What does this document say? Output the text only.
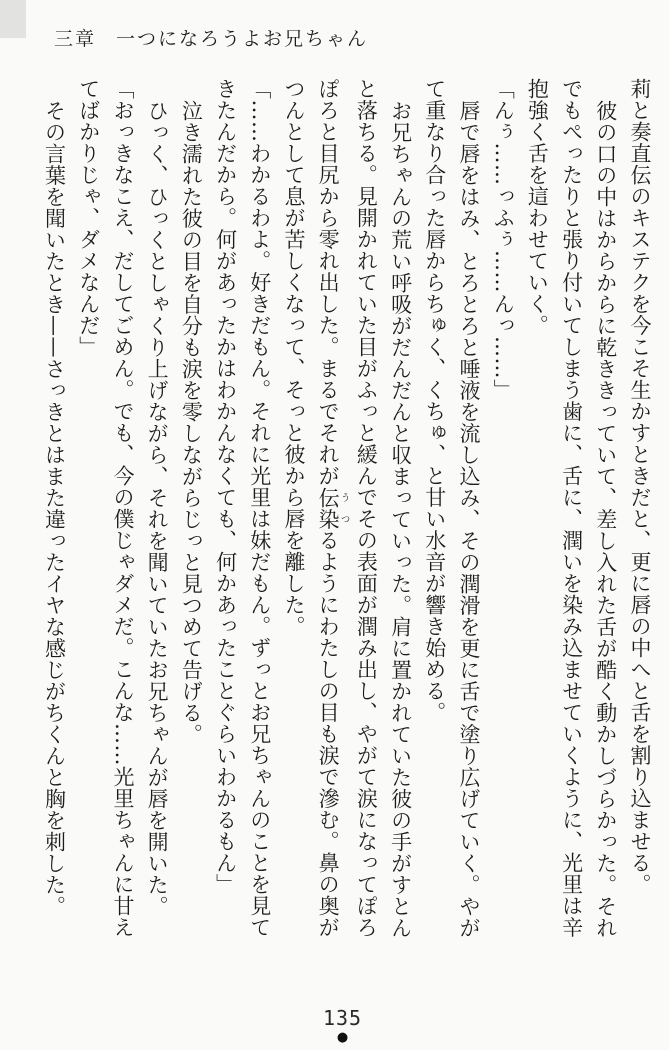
三章 一つになろうよお兄ちゃん
莉と奏直伝のキステクを今こそ生かすときだと、更に唇の中へと舌を割り込ませる。
彼の口の中はからからに乾ききっていて、差し入れた舌が酷く動かしづらかった。それ
でもぺったりと張り付いてしまう歯に、舌に、潤いを染み込ませていくように、光里は辛
抱強く舌を這わせていく。
「んぅ……っふぅ……んっ……」
唇で唇をはみ、とろとろと唾液を流し込み、その潤滑を更に舌で塗り広げていく。やが
て重なり合った唇からちゅく、くちゅ、と甘い水音が響き始める。
お兄ちゃんの荒い呼吸がだんだんと収まっていった。肩に置かれていた彼の手がすとん
と落ちる。見開かれていた目がふっと緩んでその表面が潤み出し、やがて涙になってぽろ
ぽろと目尻から零れ出した。まるでそれが伝染うつるようにわたしの目も涙で滲む。鼻の奥が
つんとして息が苦しくなって、そっと彼から唇を離した。
「……わかるわよ。好きだもん。それに光里は妹だもん。ずっとお兄ちゃんのことを見て
きたんだから。何があったかはわかんなくても、何かあったことぐらいわかるもん」
泣き濡れた彼の目を自分も涙を零しながらじっと見つめて告げる。
ひっく、ひっくとしゃくり上げながら、それを聞いていたお兄ちゃんが唇を開いた。
「おっきなこえ、だしてごめん。でも、今の僕じゃダメだ。こんな……光里ちゃんに甘え
てばかりじゃ、ダメなんだ」
その言葉を聞いたとき——さっきとはまた違ったイヤな感じがちくんと胸を刺した。
135
●
